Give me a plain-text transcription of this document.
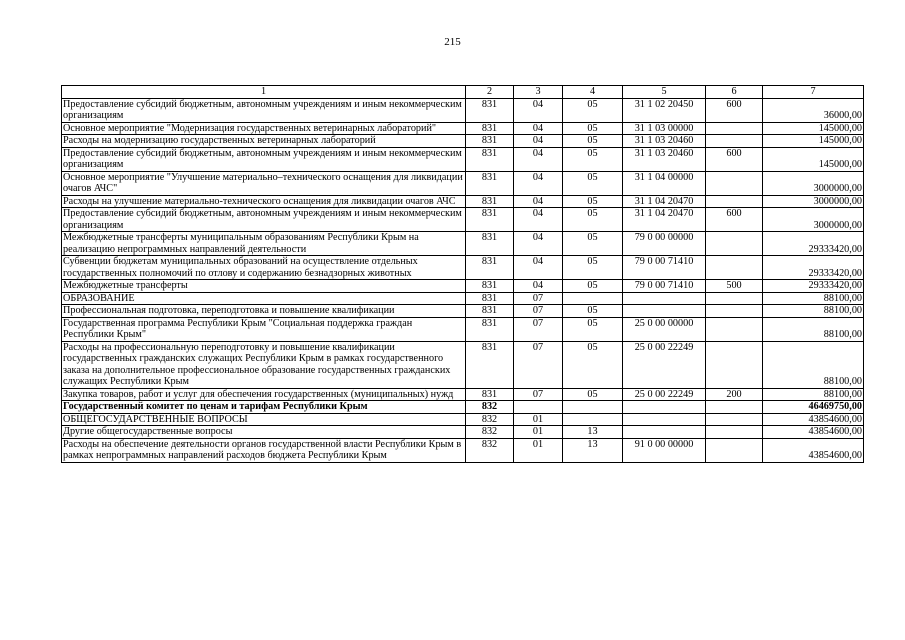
215
1	2	3	4	5	6	7
Предоставление субсидий бюджетным, автономным учреждениям и иным некоммерческим организациям	831	04	05	31 1 02 20450	600	36000,00
Основное мероприятие "Модернизация государственных ветеринарных лабораторий"	831	04	05	31 1 03 00000		145000,00
Расходы на модернизацию государственных ветеринарных лабораторий	831	04	05	31 1 03 20460		145000,00
Предоставление субсидий бюджетным, автономным учреждениям и иным некоммерческим организациям	831	04	05	31 1 03 20460	600	145000,00
Основное мероприятие "Улучшение материально–технического оснащения для ликвидации очагов АЧС"	831	04	05	31 1 04 00000		3000000,00
Расходы на улучшение материально-технического оснащения для ликвидации очагов АЧС	831	04	05	31 1 04 20470		3000000,00
Предоставление субсидий бюджетным, автономным учреждениям и иным некоммерческим организациям	831	04	05	31 1 04 20470	600	3000000,00
Межбюджетные трансферты муниципальным образованиям Республики Крым на реализацию непрограммных направлений деятельности	831	04	05	79 0 00 00000		29333420,00
Субвенции бюджетам муниципальных образований на осуществление отдельных государственных полномочий по отлову и содержанию безнадзорных животных	831	04	05	79 0 00 71410		29333420,00
Межбюджетные трансферты	831	04	05	79 0 00 71410	500	29333420,00
ОБРАЗОВАНИЕ	831	07				88100,00
Профессиональная подготовка, переподготовка и повышение квалификации	831	07	05			88100,00
Государственная программа Республики Крым "Социальная поддержка граждан Республики Крым"	831	07	05	25 0 00 00000		88100,00
Расходы на профессиональную переподготовку и повышение квалификации государственных гражданских служащих Республики Крым в рамках государственного заказа на дополнительное профессиональное образование государственных гражданских служащих Республики Крым	831	07	05	25 0 00 22249		88100,00
Закупка товаров, работ и услуг для обеспечения государственных (муниципальных) нужд	831	07	05	25 0 00 22249	200	88100,00
Государственный комитет по ценам и тарифам Республики Крым	832					46469750,00
ОБЩЕГОСУДАРСТВЕННЫЕ ВОПРОСЫ	832	01				43854600,00
Другие общегосударственные вопросы	832	01	13			43854600,00
Расходы на обеспечение деятельности органов государственной власти Республики Крым в рамках непрограммных направлений расходов бюджета Республики Крым	832	01	13	91 0 00 00000		43854600,00
